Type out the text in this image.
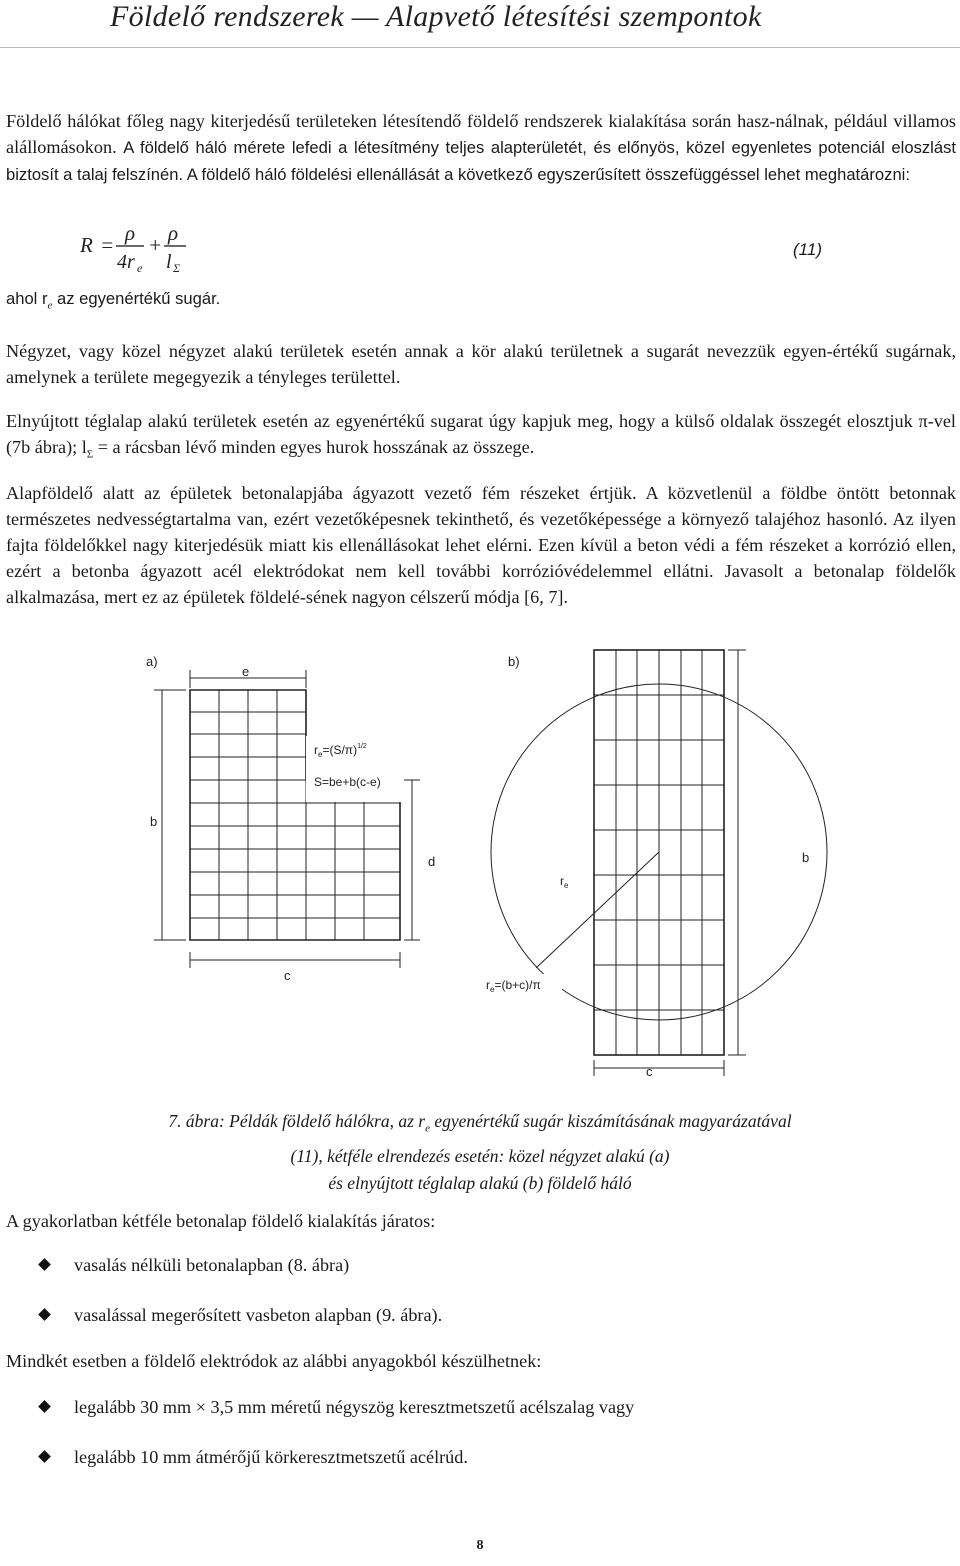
Földelő rendszerek — Alapvető létesítési szempontok
Földelő hálókat főleg nagy kiterjedésű területeken létesítendő földelő rendszerek kialakítása során hasz-nálnak, például villamos alállomásokon. A földelő háló mérete lefedi a létesítmény teljes alapterületét, és előnyös, közel egyenletes potenciál eloszlást biztosít a talaj felszínén. A földelő háló földelési ellenállását a következő egyszerűsített összefüggéssel lehet meghatározni:
R = ρ
4r e
+ ρ
l Σ
(11)
ahol $r_e$ az egyenértékű sugár.
Négyzet, vagy közel négyzet alakú területek esetén annak a kör alakú területnek a sugarát nevezzük egyen-értékű sugárnak, amelynek a területe megegyezik a tényleges területtel.
Elnyújtott téglalap alakú területek esetén az egyenértékű sugarat úgy kapjuk meg, hogy a külső oldalak összegét elosztjuk π-vel (7b ábra); $l_\Sigma = a$ rácsban lévő minden egyes hurok hosszának az összege.
Alapföldelő alatt az épületek betonalapjába ágyazott vezető fém részeket értjük. A közvetlenül a földbe öntött betonnak természetes nedvességtartalma van, ezért vezetőképesnek tekinthető, és vezetőképessége a környező talajéhoz hasonló. Az ilyen fajta földelőkkel nagy kiterjedésük miatt kis ellenállásokat lehet elérni. Ezen kívül a beton védi a fém részeket a korrózió ellen, ezért a betonba ágyazott acél elektródokat nem kell további korrózióvédelemmel ellátni. Javasolt a betonalap földelők alkalmazása, mert ez az épületek földelé-sének nagyon célszerű módja [6, 7].
a)	b)
$r_e=(S/\pi)^{1/2}$
S=be+b(c-e)
e
b
d
c
$r_e$
$r_e=(b+c)/\pi$
b
c
7. ábra: Példák földelő hálókra, az $r_e$ egyenértékű sugár kiszámításának magyarázatával
(11), kétféle elrendezés esetén: közel négyzet alakú (a)
és elnyújtott téglalap alakú (b) földelő háló
A gyakorlatban kétféle betonalap földelő kialakítás járatos:
vasalás nélküli betonalapban (8. ábra)
vasalással megerősített vasbeton alapban (9. ábra).
Mindkét esetben a földelő elektródok az alábbi anyagokból készülhetnek:
legalább 30 mm × 3,5 mm méretű négyszög keresztmetszetű acélszalag vagy
legalább 10 mm átmérőjű körkeresztmetszetű acélrúd.
8
